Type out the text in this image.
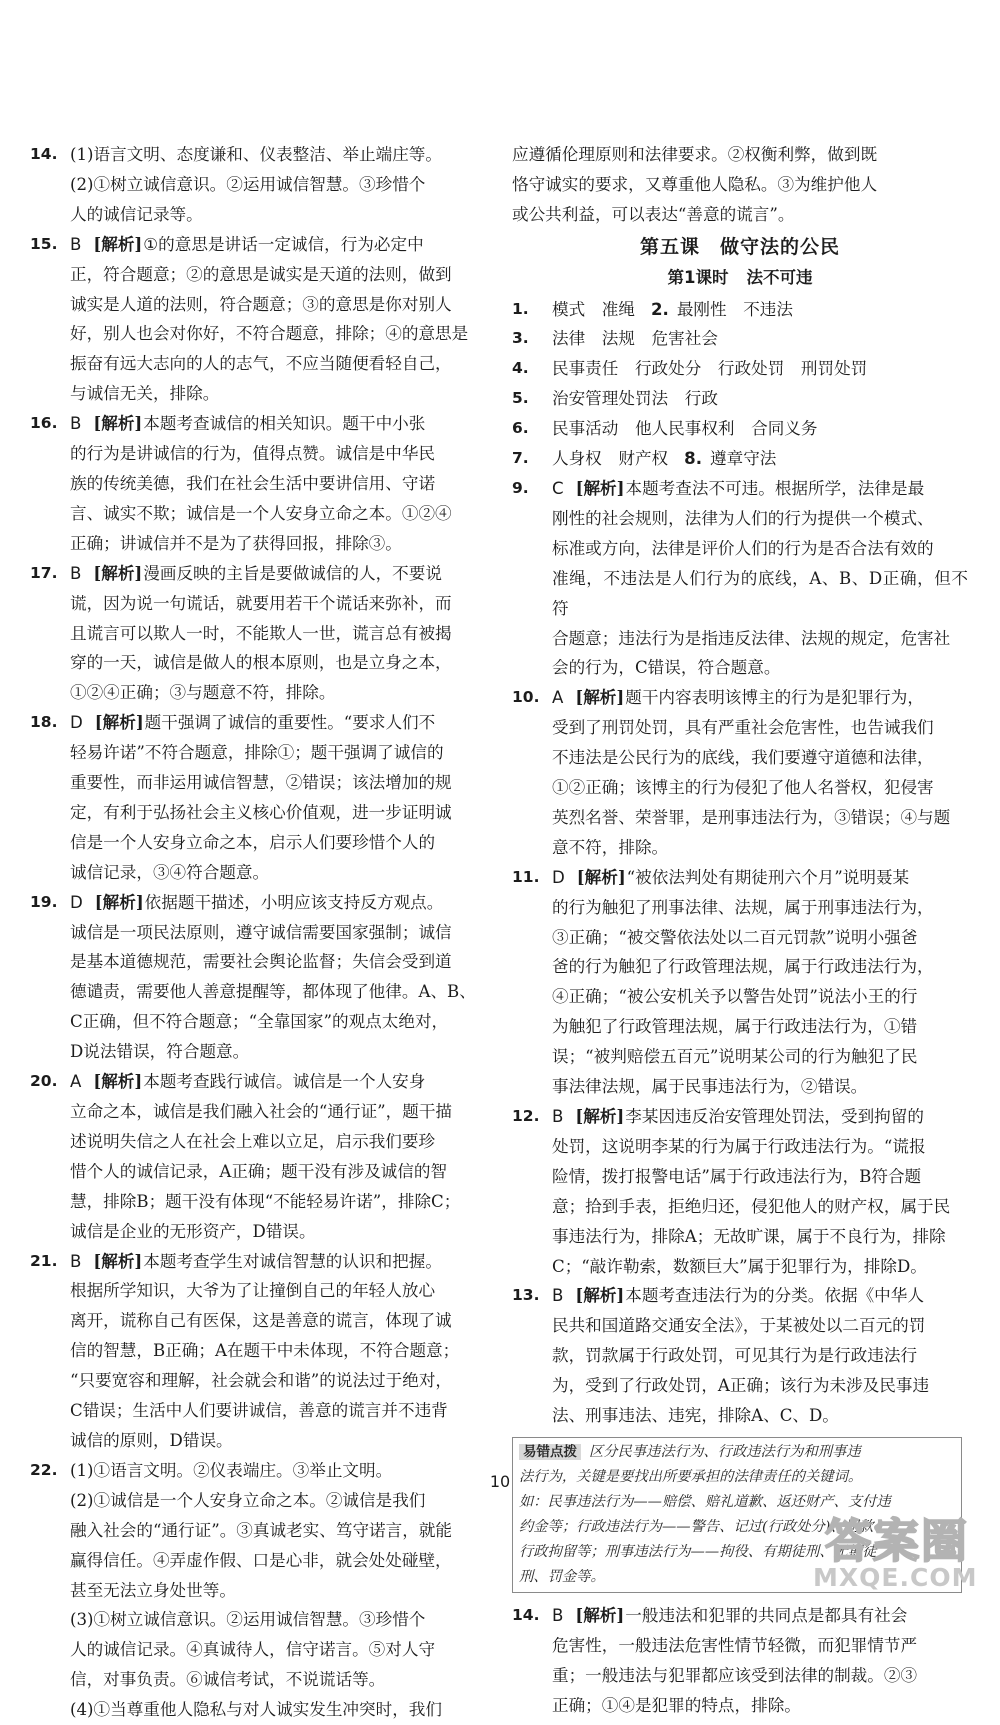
14. (1)语言文明、态度谦和、仪表整洁、举止端庄等。

(2)①树立诚信意识。②运用诚信智慧。③珍惜个

人的诚信记录等。

15. B [解析]①的意思是讲话一定诚信，行为必定中

正，符合题意；②的意思是诚实是天道的法则，做到

诚实是人道的法则，符合题意；③的意思是你对别人

好，别人也会对你好，不符合题意，排除；④的意思是

振奋有远大志向的人的志气，不应当随便看轻自己，

与诚信无关，排除。

16. B [解析]本题考查诚信的相关知识。题干中小张

的行为是讲诚信的行为，值得点赞。诚信是中华民

族的传统美德，我们在社会生活中要讲信用、守诺

言、诚实不欺；诚信是一个人安身立命之本。①②④

正确；讲诚信并不是为了获得回报，排除③。

17. B [解析]漫画反映的主旨是要做诚信的人，不要说

谎，因为说一句谎话，就要用若干个谎话来弥补，而

且谎言可以欺人一时，不能欺人一世，谎言总有被揭

穿的一天，诚信是做人的根本原则，也是立身之本，

①②④正确；③与题意不符，排除。

18. D [解析]题干强调了诚信的重要性。“要求人们不

轻易许诺”不符合题意，排除①；题干强调了诚信的

重要性，而非运用诚信智慧，②错误；该法增加的规

定，有利于弘扬社会主义核心价值观，进一步证明诚

信是一个人安身立命之本，启示人们要珍惜个人的

诚信记录，③④符合题意。

19. D [解析]依据题干描述，小明应该支持反方观点。

诚信是一项民法原则，遵守诚信需要国家强制；诚信

是基本道德规范，需要社会舆论监督；失信会受到道

德谴责，需要他人善意提醒等，都体现了他律。A、B、

C正确，但不符合题意；“全靠国家”的观点太绝对，

D说法错误，符合题意。

20. A [解析]本题考查践行诚信。诚信是一个人安身

立命之本，诚信是我们融入社会的“通行证”，题干描

述说明失信之人在社会上难以立足，启示我们要珍

惜个人的诚信记录，A正确；题干没有涉及诚信的智

慧，排除B；题干没有体现“不能轻易许诺”，排除C；

诚信是企业的无形资产，D错误。

21. B [解析]本题考查学生对诚信智慧的认识和把握。

根据所学知识，大爷为了让撞倒自己的年轻人放心

离开，谎称自己有医保，这是善意的谎言，体现了诚

信的智慧，B正确；A在题干中未体现，不符合题意；

“只要宽容和理解，社会就会和谐”的说法过于绝对，

C错误；生活中人们要讲诚信，善意的谎言并不违背

诚信的原则，D错误。

22. (1)①语言文明。②仪表端庄。③举止文明。

(2)①诚信是一个人安身立命之本。②诚信是我们

融入社会的“通行证”。③真诚老实、笃守诺言，就能

赢得信任。④弄虚作假、口是心非，就会处处碰壁，

甚至无法立身处世等。

(3)①树立诚信意识。②运用诚信智慧。③珍惜个

人的诚信记录。④真诚待人，信守诺言。⑤对人守

信，对事负责。⑥诚信考试，不说谎话等。

(4)①当尊重他人隐私与对人诚实发生冲突时，我们

应遵循伦理原则和法律要求。②权衡利弊，做到既

恪守诚实的要求，又尊重他人隐私。③为维护他人

或公共利益，可以表达“善意的谎言”。

第五课　做守法的公民
第1课时 法不可违
1. 模式　准绳 2. 最刚性　不违法
3. 法律　法规　危害社会
4. 民事责任　行政处分　行政处罚　刑罚处罚
5. 治安管理处罚法　行政
6. 民事活动　他人民事权利　合同义务
7. 人身权　财产权 8. 遵章守法
9. C [解析]本题考查法不可违。根据所学，法律是最

刚性的社会规则，法律为人们的行为提供一个模式、

标准或方向，法律是评价人们的行为是否合法有效的

准绳，不违法是人们行为的底线，A、B、D正确，但不符

合题意；违法行为是指违反法律、法规的规定，危害社

会的行为，C错误，符合题意。

10. A [解析]题干内容表明该博主的行为是犯罪行为，

受到了刑罚处罚，具有严重社会危害性，也告诫我们

不违法是公民行为的底线，我们要遵守道德和法律，

①②正确；该博主的行为侵犯了他人名誉权，犯侵害

英烈名誉、荣誉罪，是刑事违法行为，③错误；④与题

意不符，排除。

11. D [解析]“被依法判处有期徒刑六个月”说明聂某

的行为触犯了刑事法律、法规，属于刑事违法行为，

③正确；“被交警依法处以二百元罚款”说明小强爸

爸的行为触犯了行政管理法规，属于行政违法行为，

④正确；“被公安机关予以警告处罚”说法小王的行

为触犯了行政管理法规，属于行政违法行为，①错

误；“被判赔偿五百元”说明某公司的行为触犯了民

事法律法规，属于民事违法行为，②错误。

12. B [解析]李某因违反治安管理处罚法，受到拘留的

处罚，这说明李某的行为属于行政违法行为。“谎报

险情，拨打报警电话”属于行政违法行为，B符合题

意；拾到手表，拒绝归还，侵犯他人的财产权，属于民

事违法行为，排除A；无故旷课，属于不良行为，排除

C；“敲诈勒索，数额巨大”属于犯罪行为，排除D。

13. B [解析]本题考查违法行为的分类。依据《中华人

民共和国道路交通安全法》，于某被处以二百元的罚

款，罚款属于行政处罚，可见其行为是行政违法行

为，受到了行政处罚，A正确；该行为未涉及民事违

法、刑事违法、违宪，排除A、C、D。

易错点拨 区分民事违法行为、行政违法行为和刑事违
法行为，关键是要找出所要承担的法律责任的关键词。
如：民事违法行为——赔偿、赔礼道歉、返还财产、支付违
约金等；行政违法行为——警告、记过(行政处分)、罚款、
行政拘留等；刑事违法行为——拘役、有期徒刑、无期徒
刑、罚金等。
14. B [解析]一般违法和犯罪的共同点是都具有社会

危害性，一般违法危害性情节轻微，而犯罪情节严

重；一般违法与犯罪都应该受到法律的制裁。②③

正确；①④是犯罪的特点，排除。

10
答案圈
MXQE.COM
